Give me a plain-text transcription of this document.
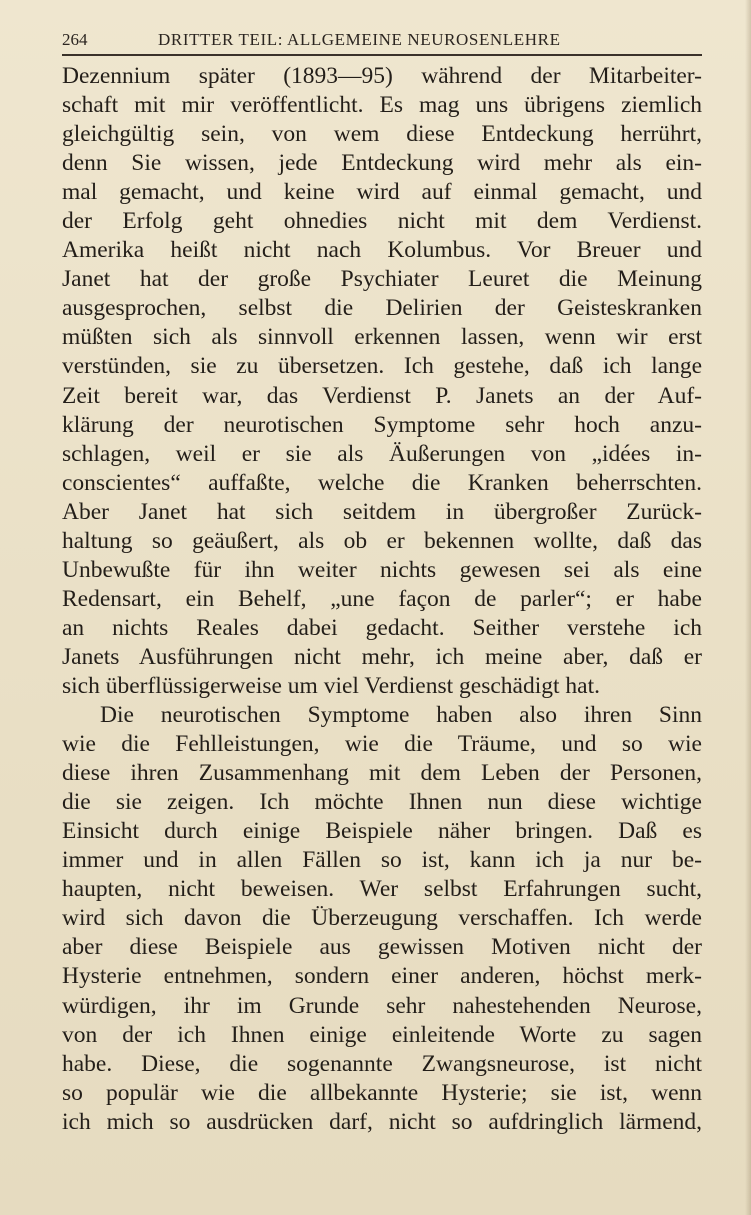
264	DRITTER TEIL: ALLGEMEINE NEUROSENLEHRE
Dezennium später (1893—95) während der Mitarbeiter-
schaft mit mir veröffentlicht. Es mag uns übrigens ziemlich
gleichgültig sein, von wem diese Entdeckung herrührt,
denn Sie wissen, jede Entdeckung wird mehr als ein-
mal gemacht, und keine wird auf einmal gemacht, und
der Erfolg geht ohnedies nicht mit dem Verdienst.
Amerika heißt nicht nach Kolumbus. Vor Breuer und
Janet hat der große Psychiater Leuret die Meinung
ausgesprochen, selbst die Delirien der Geisteskranken
müßten sich als sinnvoll erkennen lassen, wenn wir erst
verstünden, sie zu übersetzen. Ich gestehe, daß ich lange
Zeit bereit war, das Verdienst P. Janets an der Auf-
klärung der neurotischen Symptome sehr hoch anzu-
schlagen, weil er sie als Äußerungen von „idées in-
conscientes“ auffaßte, welche die Kranken beherrschten.
Aber Janet hat sich seitdem in übergroßer Zurück-
haltung so geäußert, als ob er bekennen wollte, daß das
Unbewußte für ihn weiter nichts gewesen sei als eine
Redensart, ein Behelf, „une façon de parler“; er habe
an nichts Reales dabei gedacht. Seither verstehe ich
Janets Ausführungen nicht mehr, ich meine aber, daß er
sich überflüssigerweise um viel Verdienst geschädigt hat.
Die neurotischen Symptome haben also ihren Sinn
wie die Fehlleistungen, wie die Träume, und so wie
diese ihren Zusammenhang mit dem Leben der Personen,
die sie zeigen. Ich möchte Ihnen nun diese wichtige
Einsicht durch einige Beispiele näher bringen. Daß es
immer und in allen Fällen so ist, kann ich ja nur be-
haupten, nicht beweisen. Wer selbst Erfahrungen sucht,
wird sich davon die Überzeugung verschaffen. Ich werde
aber diese Beispiele aus gewissen Motiven nicht der
Hysterie entnehmen, sondern einer anderen, höchst merk-
würdigen, ihr im Grunde sehr nahestehenden Neurose,
von der ich Ihnen einige einleitende Worte zu sagen
habe. Diese, die sogenannte Zwangsneurose, ist nicht
so populär wie die allbekannte Hysterie; sie ist, wenn
ich mich so ausdrücken darf, nicht so aufdringlich lärmend,
